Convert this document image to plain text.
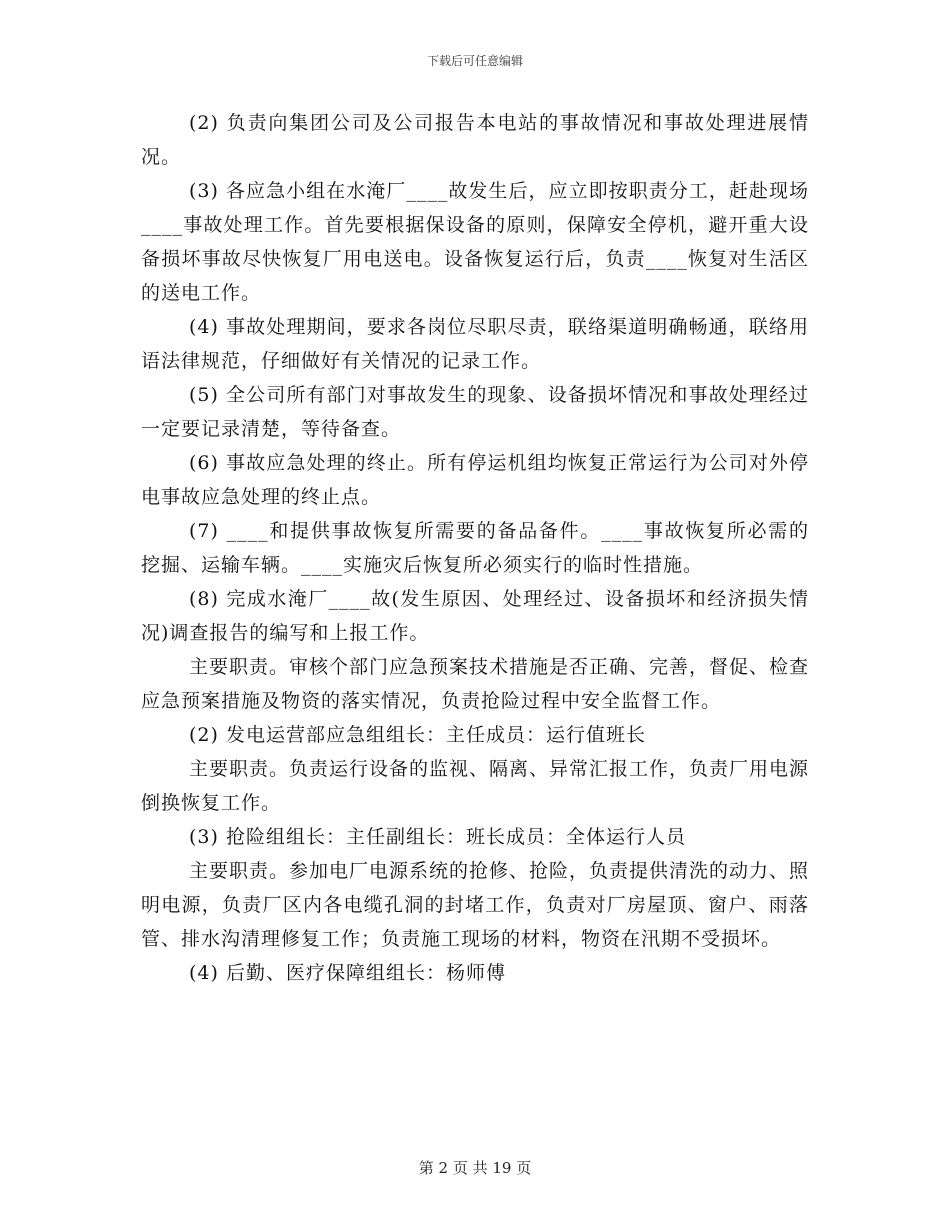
下载后可任意编辑

(2) 负责向集团公司及公司报告本电站的事故情况和事故处理进展情况。

(3) 各应急小组在水淹厂____故发生后，应立即按职责分工，赶赴现场____事故处理工作。首先要根据保设备的原则，保障安全停机，避开重大设备损坏事故尽快恢复厂用电送电。设备恢复运行后，负责____恢复对生活区的送电工作。

(4) 事故处理期间，要求各岗位尽职尽责，联络渠道明确畅通，联络用语法律规范，仔细做好有关情况的记录工作。

(5) 全公司所有部门对事故发生的现象、设备损坏情况和事故处理经过一定要记录清楚，等待备查。

(6) 事故应急处理的终止。所有停运机组均恢复正常运行为公司对外停电事故应急处理的终止点。

(7) ____和提供事故恢复所需要的备品备件。____事故恢复所必需的挖掘、运输车辆。____实施灾后恢复所必须实行的临时性措施。

(8) 完成水淹厂____故(发生原因、处理经过、设备损坏和经济损失情况)调查报告的编写和上报工作。

主要职责。审核个部门应急预案技术措施是否正确、完善，督促、检查应急预案措施及物资的落实情况，负责抢险过程中安全监督工作。

(2) 发电运营部应急组组长：主任成员：运行值班长

主要职责。负责运行设备的监视、隔离、异常汇报工作，负责厂用电源倒换恢复工作。

(3) 抢险组组长：主任副组长：班长成员：全体运行人员

主要职责。参加电厂电源系统的抢修、抢险，负责提供清洗的动力、照明电源，负责厂区内各电缆孔洞的封堵工作，负责对厂房屋顶、窗户、雨落管、排水沟清理修复工作；负责施工现场的材料，物资在汛期不受损坏。

(4) 后勤、医疗保障组组长：杨师傅

第 2 页 共 19 页
